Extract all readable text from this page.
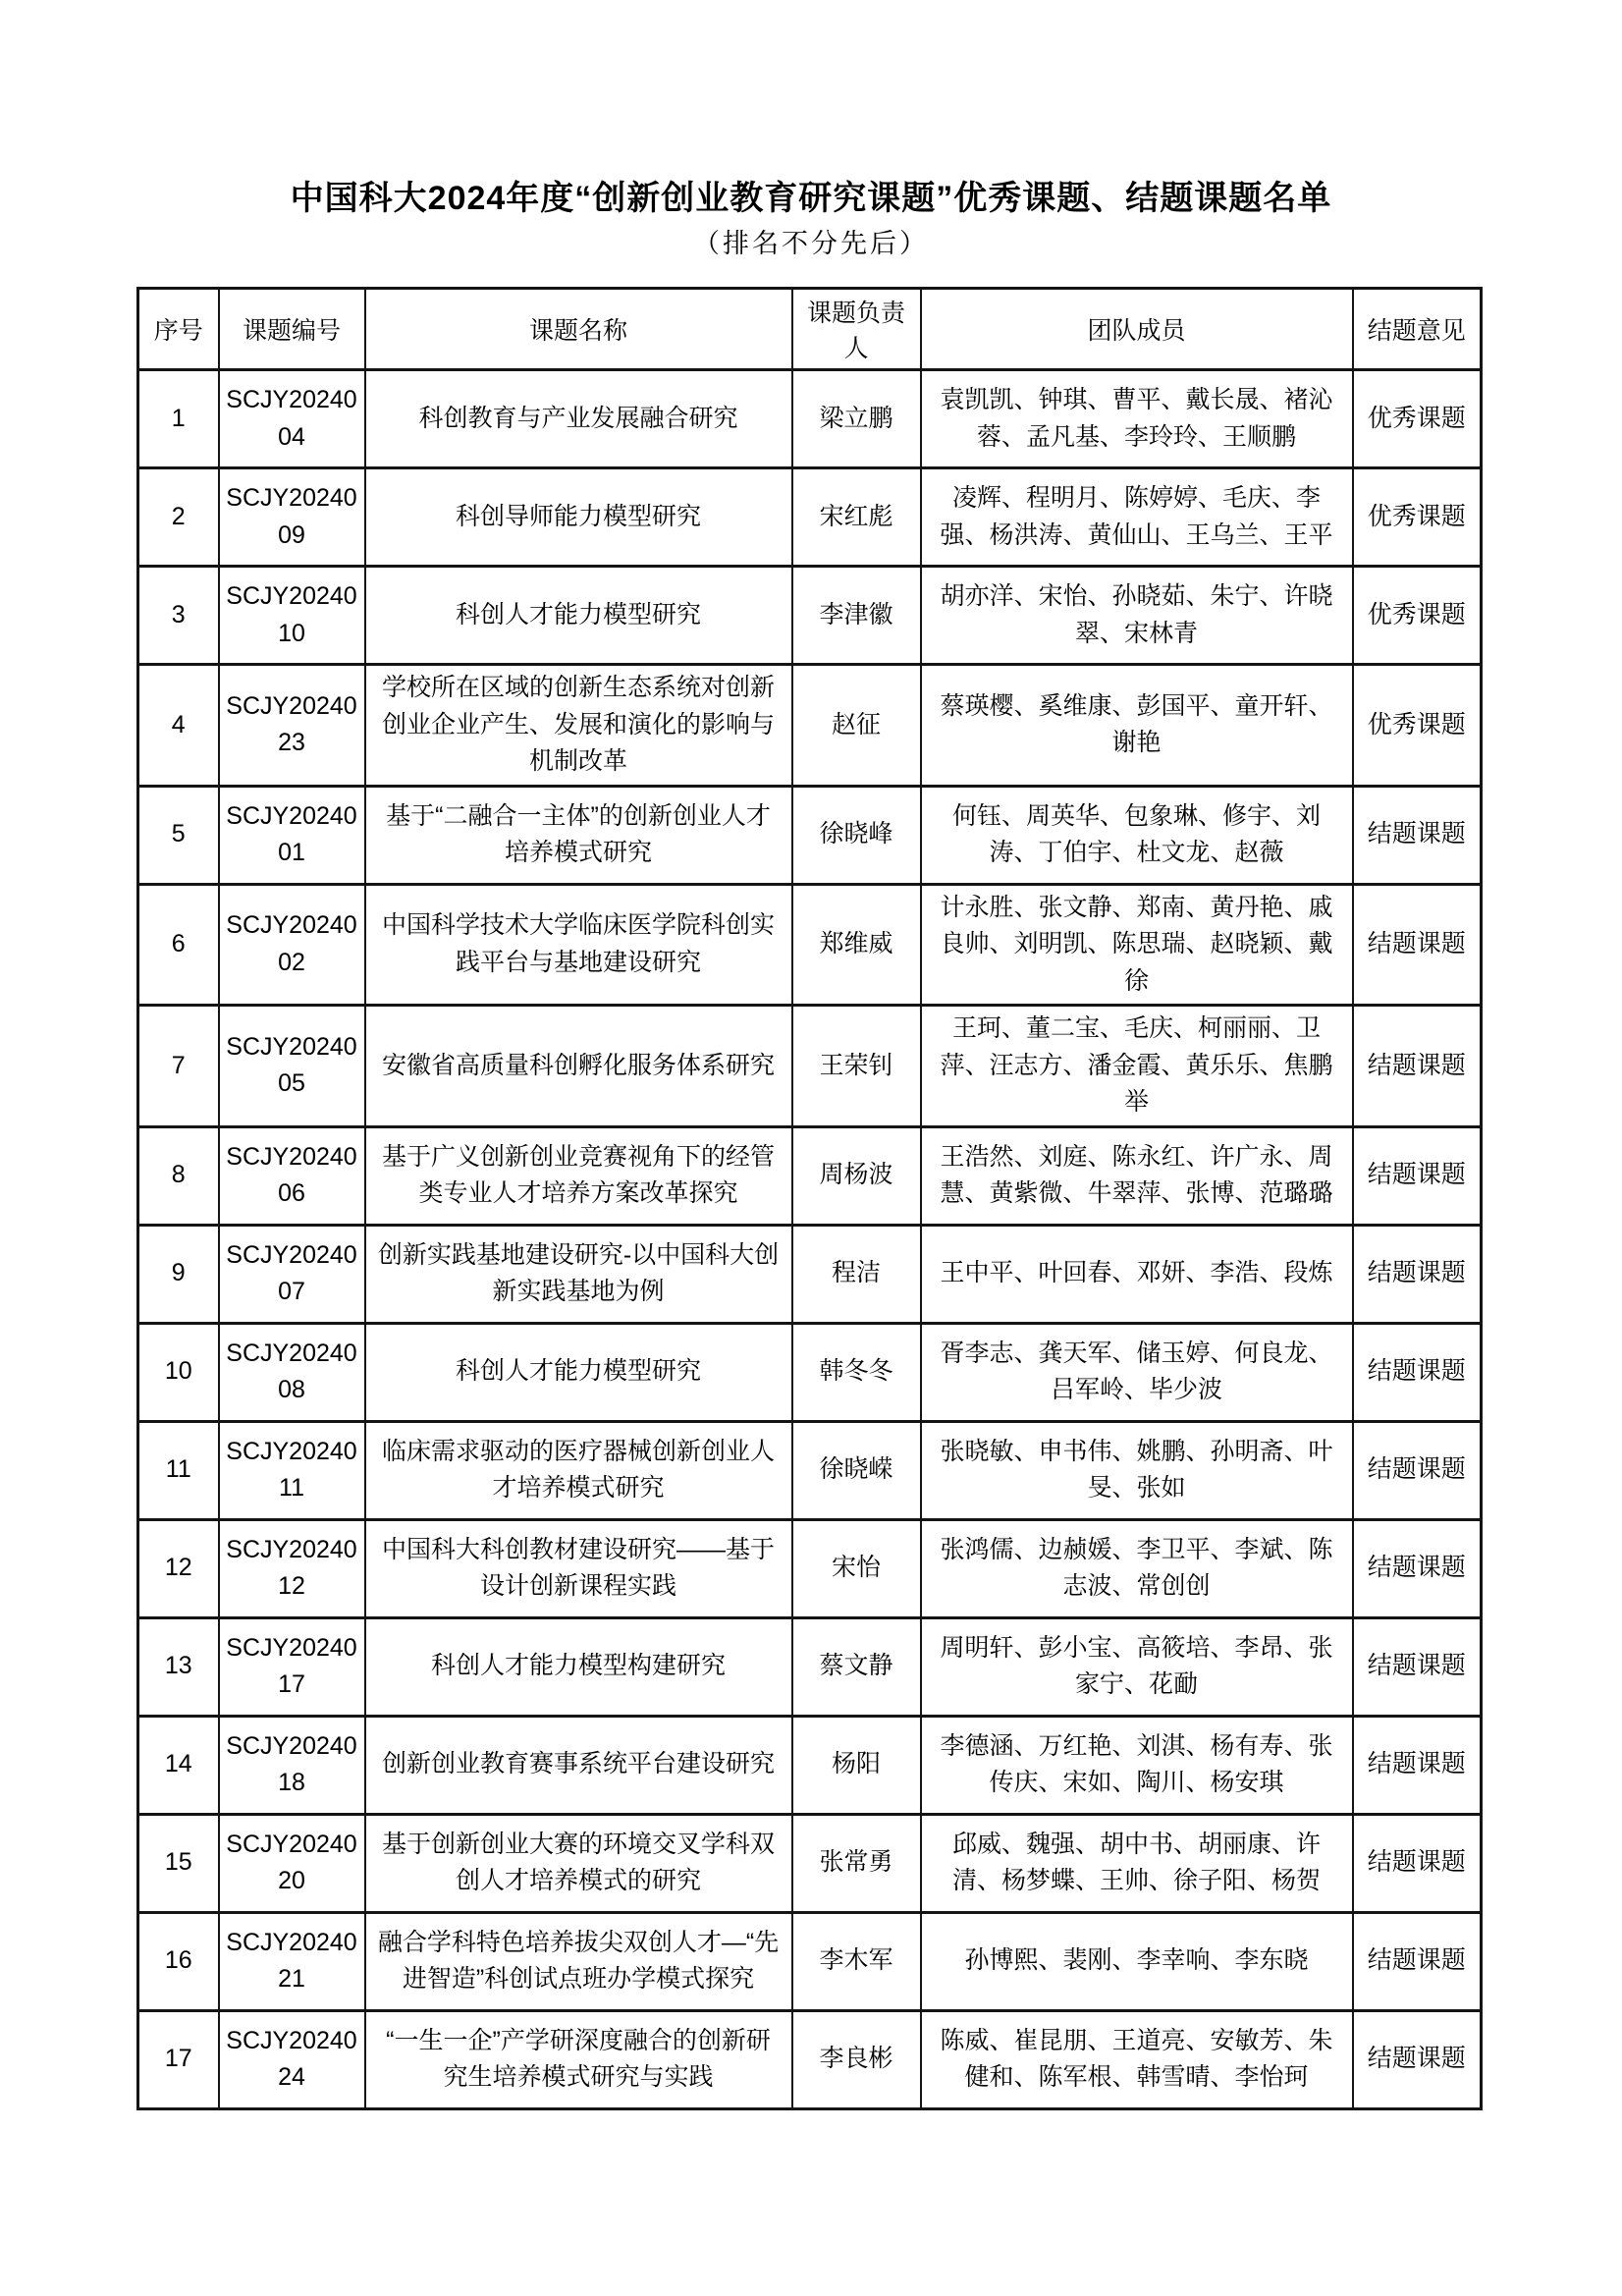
中国科大2024年度“创新创业教育研究课题”优秀课题、结题课题名单
（排名不分先后）
序号	课题编号	课题名称	课题负责人	团队成员	结题意见
1	SCJY2024004	科创教育与产业发展融合研究	梁立鹏	袁凯凯、钟琪、曹平、戴长晟、褚沁蓉、孟凡基、李玲玲、王顺鹏	优秀课题
2	SCJY2024009	科创导师能力模型研究	宋红彪	凌辉、程明月、陈婷婷、毛庆、李强、杨洪涛、黄仙山、王乌兰、王平	优秀课题
3	SCJY2024010	科创人才能力模型研究	李津徽	胡亦洋、宋怡、孙晓茹、朱宁、许晓翠、宋林青	优秀课题
4	SCJY2024023	学校所在区域的创新生态系统对创新创业企业产生、发展和演化的影响与机制改革	赵征	蔡瑛樱、奚维康、彭国平、童开轩、谢艳	优秀课题
5	SCJY2024001	基于“二融合一主体”的创新创业人才培养模式研究	徐晓峰	何钰、周英华、包象琳、修宇、刘涛、丁伯宇、杜文龙、赵薇	结题课题
6	SCJY2024002	中国科学技术大学临床医学院科创实践平台与基地建设研究	郑维威	计永胜、张文静、郑南、黄丹艳、戚良帅、刘明凯、陈思瑞、赵晓颖、戴徐	结题课题
7	SCJY2024005	安徽省高质量科创孵化服务体系研究	王荣钊	王珂、董二宝、毛庆、柯丽丽、卫萍、汪志方、潘金霞、黄乐乐、焦鹏举	结题课题
8	SCJY2024006	基于广义创新创业竞赛视角下的经管类专业人才培养方案改革探究	周杨波	王浩然、刘庭、陈永红、许广永、周慧、黄紫微、牛翠萍、张博、范璐璐	结题课题
9	SCJY2024007	创新实践基地建设研究-以中国科大创新实践基地为例	程洁	王中平、叶回春、邓妍、李浩、段炼	结题课题
10	SCJY2024008	科创人才能力模型研究	韩冬冬	胥李志、龚天军、储玉婷、何良龙、吕军岭、毕少波	结题课题
11	SCJY2024011	临床需求驱动的医疗器械创新创业人才培养模式研究	徐晓嵘	张晓敏、申书伟、姚鹏、孙明斋、叶旻、张如	结题课题
12	SCJY2024012	中国科大科创教材建设研究——基于设计创新课程实践	宋怡	张鸿儒、边赪媛、李卫平、李斌、陈志波、常创创	结题课题
13	SCJY2024017	科创人才能力模型构建研究	蔡文静	周明轩、彭小宝、高筱培、李昂、张家宁、花勔	结题课题
14	SCJY2024018	创新创业教育赛事系统平台建设研究	杨阳	李德涵、万红艳、刘淇、杨有寿、张传庆、宋如、陶川、杨安琪	结题课题
15	SCJY2024020	基于创新创业大赛的环境交叉学科双创人才培养模式的研究	张常勇	邱威、魏强、胡中书、胡丽康、许清、杨梦蝶、王帅、徐子阳、杨贺	结题课题
16	SCJY2024021	融合学科特色培养拔尖双创人才—“先进智造”科创试点班办学模式探究	李木军	孙博熙、裴刚、李幸响、李东晓	结题课题
17	SCJY2024024	“一生一企”产学研深度融合的创新研究生培养模式研究与实践	李良彬	陈威、崔昆朋、王道亮、安敏芳、朱健和、陈军根、韩雪晴、李怡珂	结题课题
